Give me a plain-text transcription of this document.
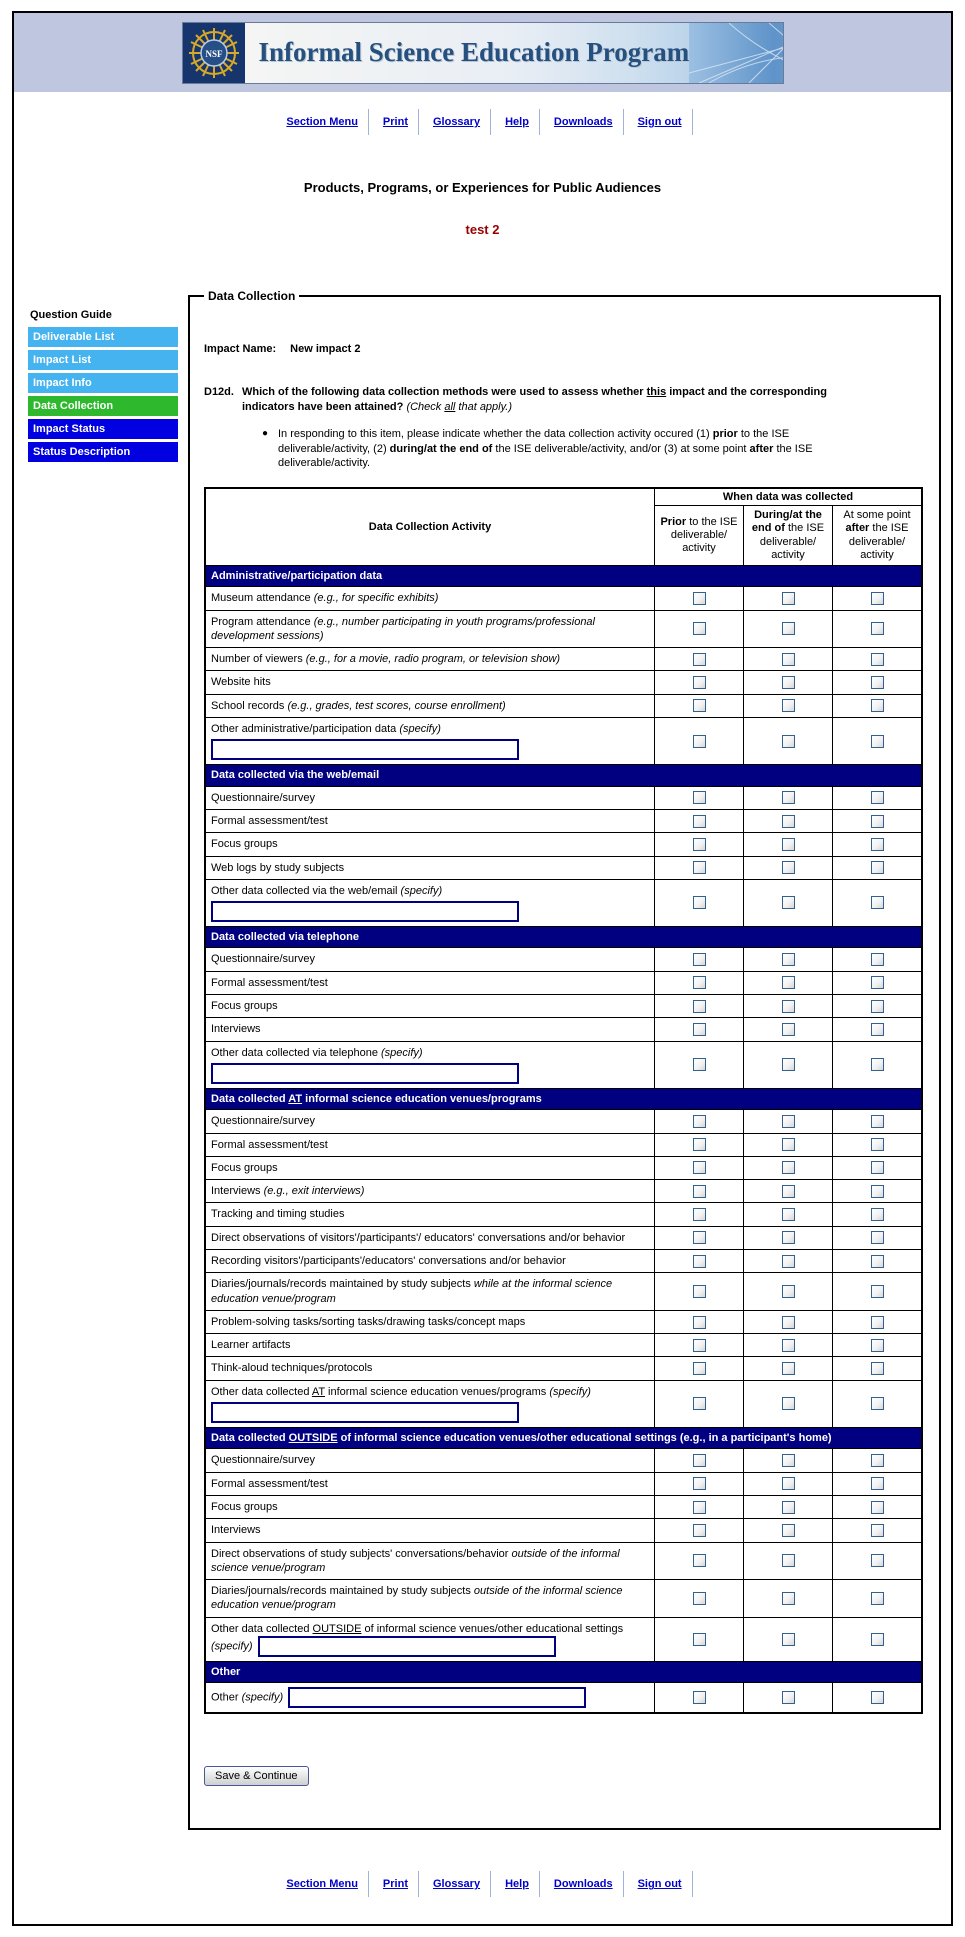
NSF	Informal Science Education Program
Section Menu Print Glossary Help Downloads Sign out
Products, Programs, or Experiences for Public Audiences
test 2
Question Guide
Deliverable List
Impact List
Impact Info
Data Collection
Impact Status
Status Description
Data Collection
Impact Name: New impact 2
D12d. Which of the following data collection methods were used to assess whether this impact and the corresponding indicators have been attained? (Check all that apply.)
● In responding to this item, please indicate whether the data collection activity occured (1) prior to the ISE deliverable/activity, (2) during/at the end of the ISE deliverable/activity, and/or (3) at some point after the ISE deliverable/activity.
Data Collection Activity	When data was collected		
	Prior to the ISE deliverable/ activity	During/at the end of the ISE deliverable/ activity	At some point after the ISE deliverable/ activity
Administrative/participation data			
Museum attendance (e.g., for specific exhibits)			
Program attendance (e.g., number participating in youth programs/professional development sessions)			
Number of viewers (e.g., for a movie, radio program, or television show)			
Website hits			
School records (e.g., grades, test scores, course enrollment)			
Other administrative/participation data (specify)

Data collected via the web/email			
Questionnaire/survey			
Formal assessment/test			
Focus groups			
Web logs by study subjects			
Other data collected via the web/email (specify)

Data collected via telephone			
Questionnaire/survey			
Formal assessment/test			
Focus groups			
Interviews			
Other data collected via telephone (specify)

Data collected AT informal science education venues/programs			
Questionnaire/survey			
Formal assessment/test			
Focus groups			
Interviews (e.g., exit interviews)			
Tracking and timing studies			
Direct observations of visitors'/participants'/ educators' conversations and/or behavior			
Recording visitors'/participants'/educators' conversations and/or behavior			
Diaries/journals/records maintained by study subjects while at the informal science education venue/program			
Problem-solving tasks/sorting tasks/drawing tasks/concept maps			
Learner artifacts			
Think-aloud techniques/protocols			
Other data collected AT informal science education venues/programs (specify)

Data collected OUTSIDE of informal science education venues/other educational settings (e.g., in a participant's home)			
Questionnaire/survey			
Formal assessment/test			
Focus groups			
Interviews			
Direct observations of study subjects' conversations/behavior outside of the informal science venue/program			
Diaries/journals/records maintained by study subjects outside of the informal science education venue/program			
Other data collected OUTSIDE of informal science venues/other educational settings (specify)			
Other			
Other (specify)			
Save & Continue
Section Menu Print Glossary Help Downloads Sign out
